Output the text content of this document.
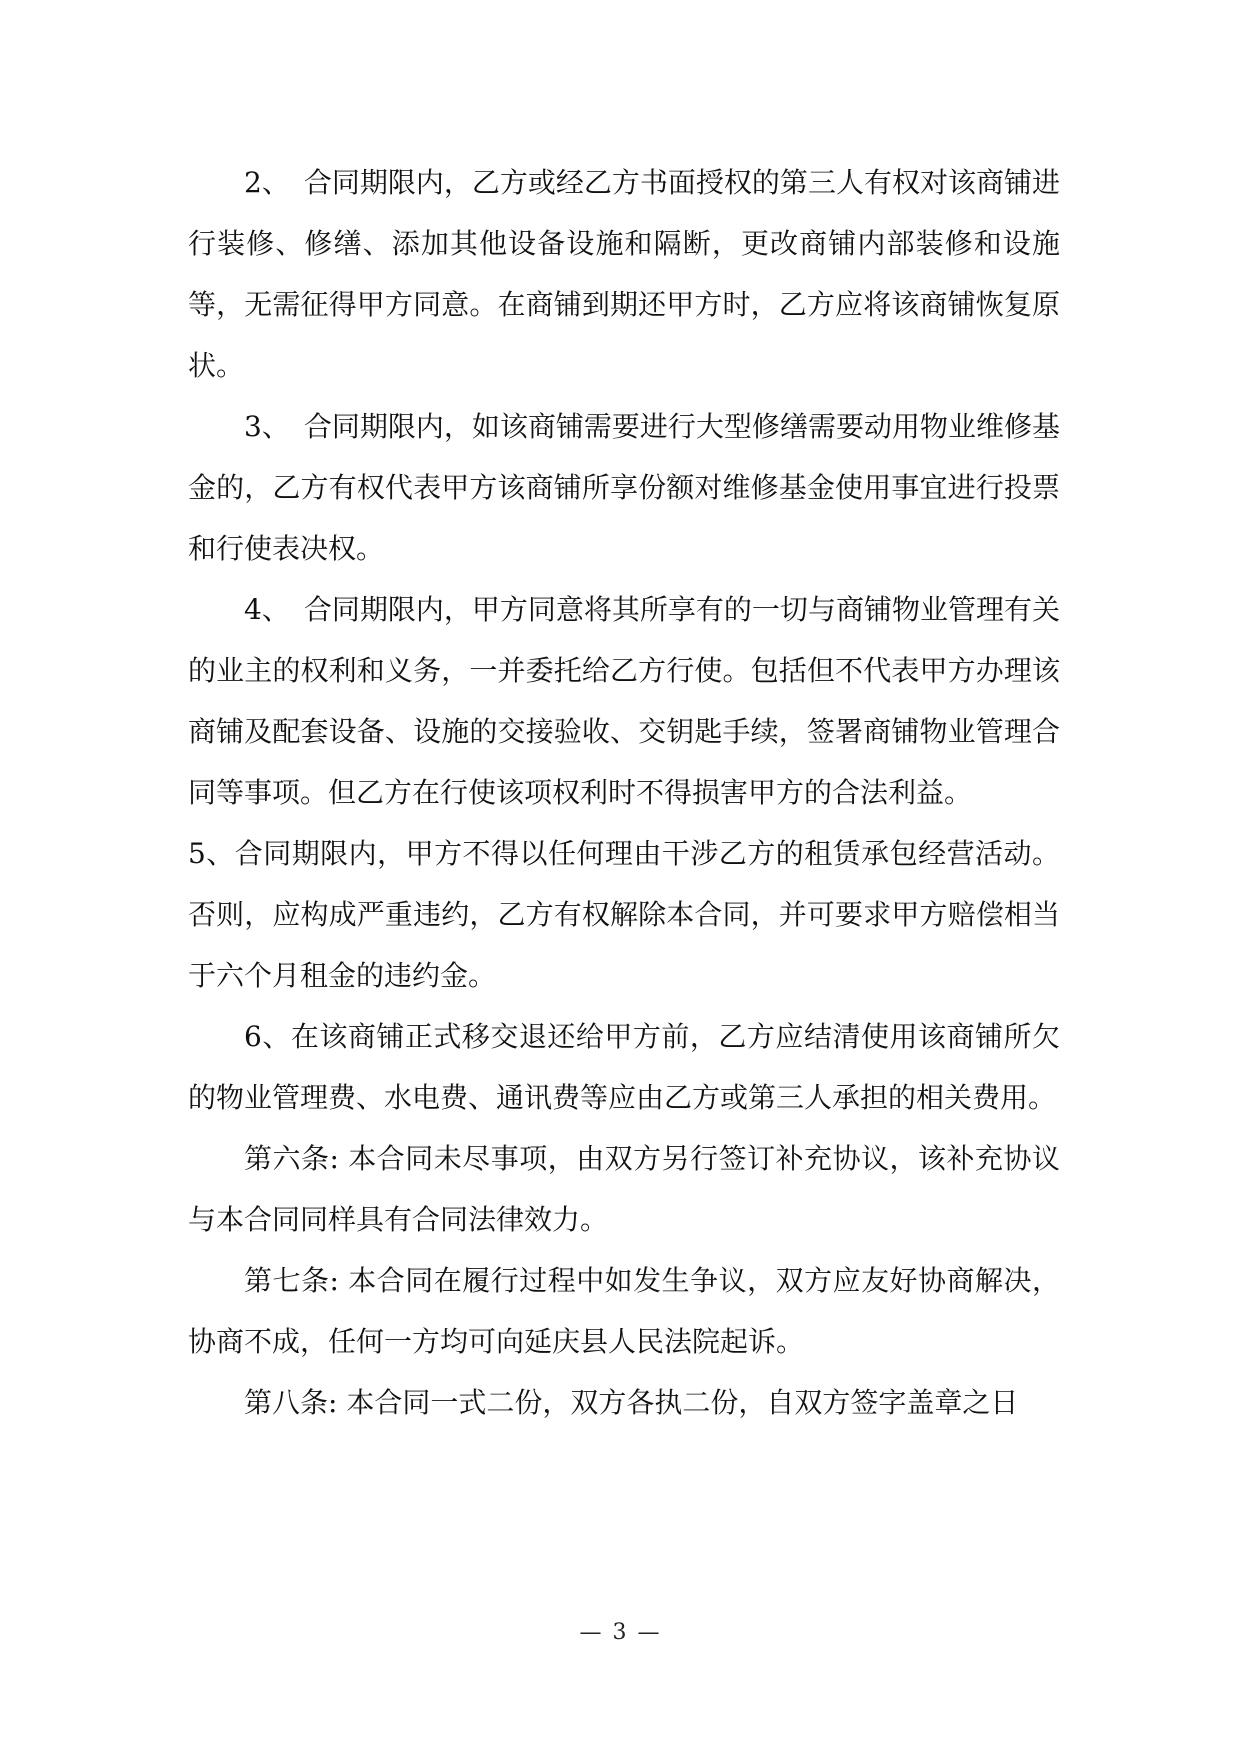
2、　合同期限内，乙方或经乙方书面授权的第三人有权对该商铺进行装修、修缮、添加其他设备设施和隔断，更改商铺内部装修和设施等，无需征得甲方同意。在商铺到期还甲方时，乙方应将该商铺恢复原状。

3、　合同期限内，如该商铺需要进行大型修缮需要动用物业维修基金的，乙方有权代表甲方该商铺所享份额对维修基金使用事宜进行投票和行使表决权。

4、　合同期限内，甲方同意将其所享有的一切与商铺物业管理有关的业主的权利和义务，一并委托给乙方行使。包括但不代表甲方办理该商铺及配套设备、设施的交接验收、交钥匙手续，签署商铺物业管理合同等事项。但乙方在行使该项权利时不得损害甲方的合法利益。

5、合同期限内，甲方不得以任何理由干涉乙方的租赁承包经营活动。否则，应构成严重违约，乙方有权解除本合同，并可要求甲方赔偿相当于六个月租金的违约金。

6、在该商铺正式移交退还给甲方前，乙方应结清使用该商铺所欠的物业管理费、水电费、通讯费等应由乙方或第三人承担的相关费用。

第六条: 本合同未尽事项，由双方另行签订补充协议，该补充协议与本合同同样具有合同法律效力。

第七条: 本合同在履行过程中如发生争议，双方应友好协商解决，协商不成，任何一方均可向延庆县人民法院起诉。

第八条: 本合同一式二份，双方各执二份，自双方签字盖章之日

— 3 —
